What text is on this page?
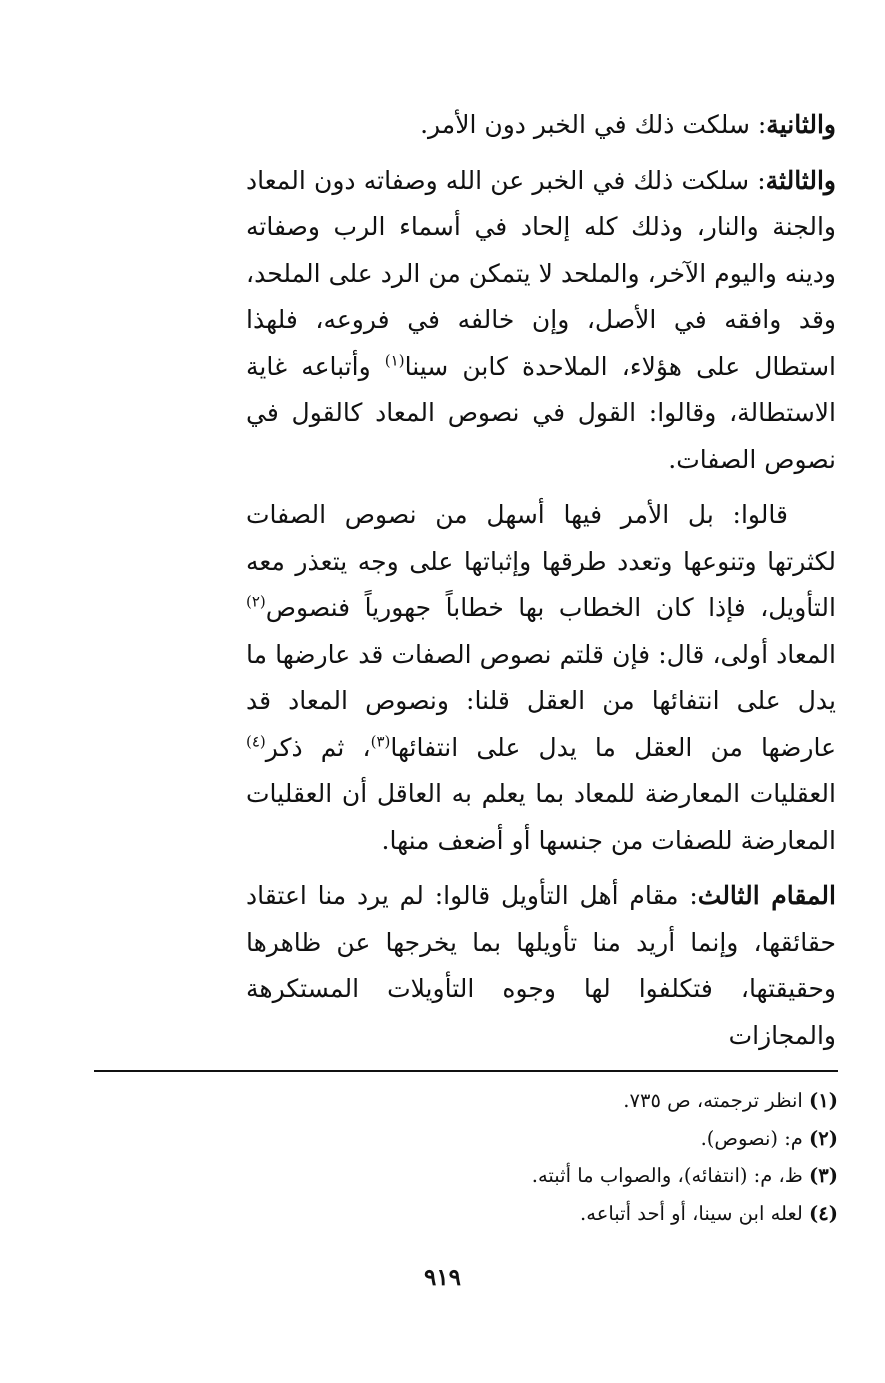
والثانية: سلكت ذلك في الخبر دون الأمر.

والثالثة: سلكت ذلك في الخبر عن الله وصفاته دون المعاد والجنة والنار، وذلك كله إلحاد في أسماء الرب وصفاته ودينه واليوم الآخر، والملحد لا يتمكن من الرد على الملحد، وقد وافقه في الأصل، وإن خالفه في فروعه، فلهذا استطال على هؤلاء، الملاحدة كابن سينا$^{(١)}$ وأتباعه غاية الاستطالة، وقالوا: القول في نصوص المعاد كالقول في نصوص الصفات.

قالوا: بل الأمر فيها أسهل من نصوص الصفات لكثرتها وتنوعها وتعدد طرقها وإثباتها على وجه يتعذر معه التأويل، فإذا كان الخطاب بها خطاباً جهورياً فنصوص$^{(٢)}$ المعاد أولى، قال: فإن قلتم نصوص الصفات قد عارضها ما يدل على انتفائها من العقل قلنا: ونصوص المعاد قد عارضها من العقل ما يدل على انتفائها$^{(٣)}$، ثم ذكر$^{(٤)}$ العقليات المعارضة للمعاد بما يعلم به العاقل أن العقليات المعارضة للصفات من جنسها أو أضعف منها.

المقام الثالث: مقام أهل التأويل قالوا: لم يرد منا اعتقاد حقائقها، وإنما أريد منا تأويلها بما يخرجها عن ظاهرها وحقيقتها، فتكلفوا لها وجوه التأويلات المستكرهة والمجازات

(١) انظر ترجمته، ص ٧٣٥.

(٢) م: (نصوص).

(٣) ظ، م: (انتفائه)، والصواب ما أثبته.

(٤) لعله ابن سينا، أو أحد أتباعه.

٩١٩
